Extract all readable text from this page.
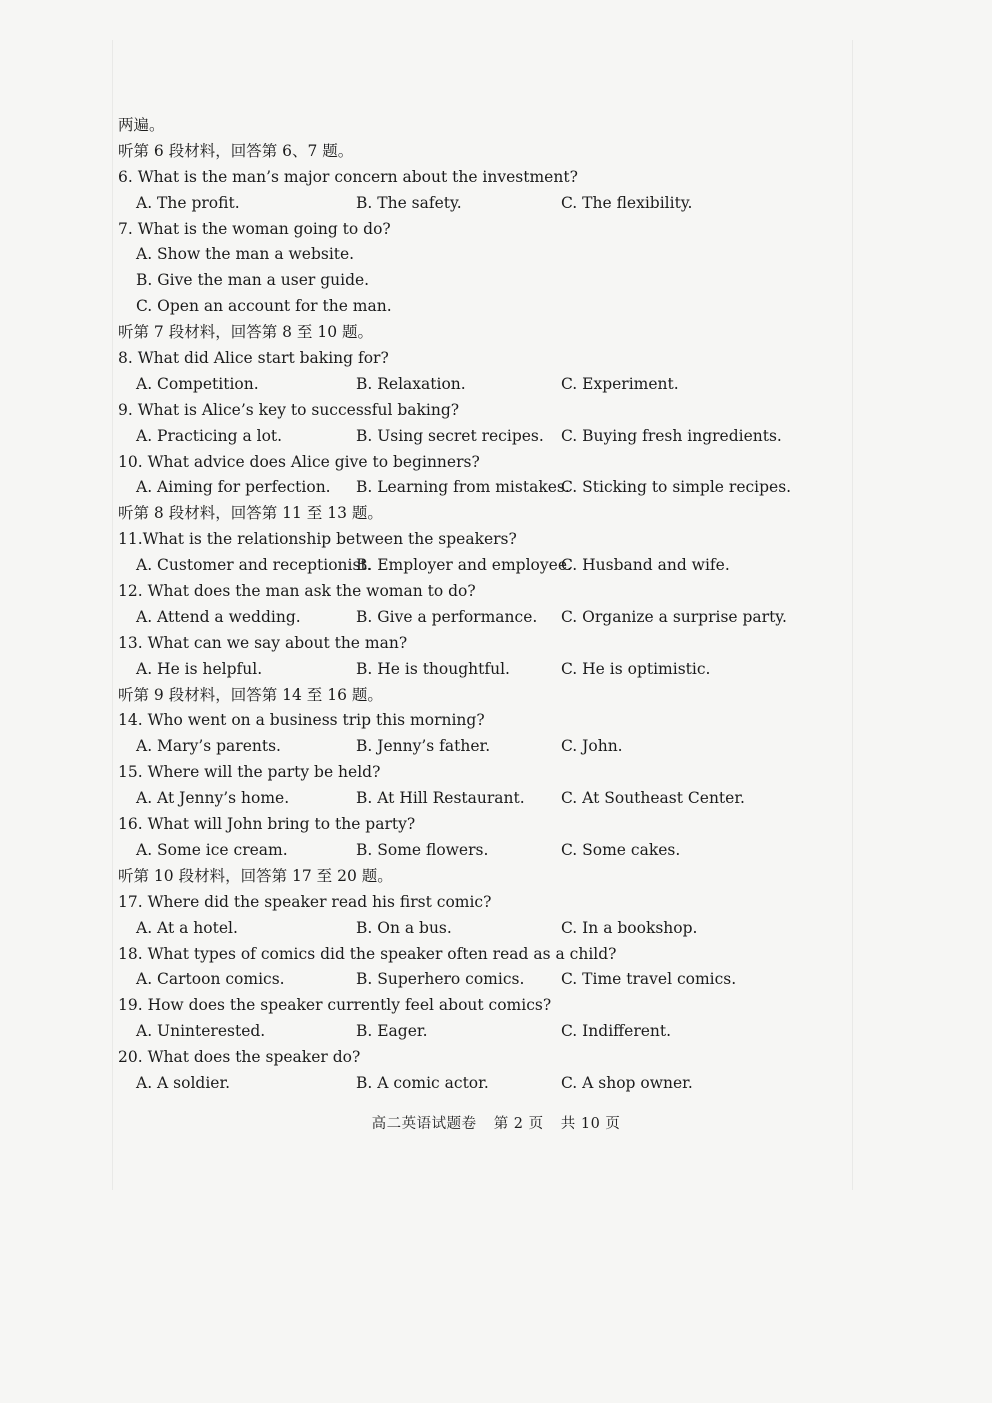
两遍。
听第 6 段材料，回答第 6、7 题。
6. What is the man’s major concern about the investment?
A. The profit.	B. The safety.	C. The flexibility.
7. What is the woman going to do?
A. Show the man a website.
B. Give the man a user guide.
C. Open an account for the man.
听第 7 段材料，回答第 8 至 10 题。
8. What did Alice start baking for?
A. Competition.	B. Relaxation.	C. Experiment.
9. What is Alice’s key to successful baking?
A. Practicing a lot.	B. Using secret recipes. C. Buying fresh ingredients.
10. What advice does Alice give to beginners?
A. Aiming for perfection. B. Learning from mistakes.
C. Sticking to simple recipes.
听第 8 段材料，回答第 11 至 13 题。
11.What is the relationship between the speakers?
A. Customer and receptionist.
B. Employer and employee.
C. Husband and wife.
12. What does the man ask the woman to do?
A. Attend a wedding.	B. Give a performance. C. Organize a surprise party.
13. What can we say about the man?
A. He is helpful.	B. He is thoughtful.	C. He is optimistic.
听第 9 段材料，回答第 14 至 16 题。
14. Who went on a business trip this morning?
A. Mary’s parents.	B. Jenny’s father.	C. John.
15. Where will the party be held?
A. At Jenny’s home.	B. At Hill Restaurant. C. At Southeast Center.
16. What will John bring to the party?
A. Some ice cream.	B. Some flowers.	C. Some cakes.
听第 10 段材料，回答第 17 至 20 题。
17. Where did the speaker read his first comic?
A. At a hotel.	B. On a bus.	C. In a bookshop.
18. What types of comics did the speaker often read as a child?
A. Cartoon comics.	B. Superhero comics. C. Time travel comics.
19. How does the speaker currently feel about comics?
A. Uninterested.	B. Eager.	C. Indifferent.
20. What does the speaker do?
A. A soldier.	B. A comic actor.	C. A shop owner.
高二英语试题卷 第 2 页 共 10 页
